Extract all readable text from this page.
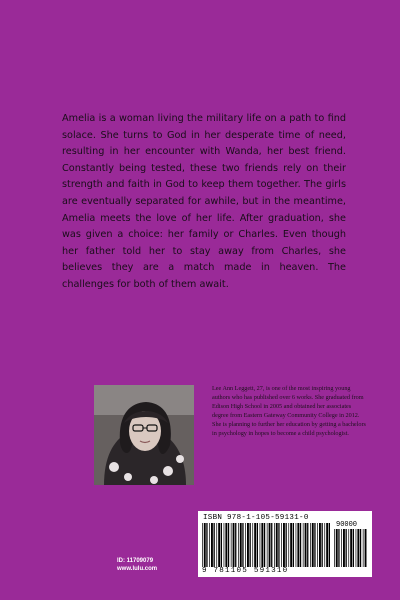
Amelia is a woman living the military life on a path to find solace. She turns to God in her desperate time of need, resulting in her encounter with Wanda, her best friend. Constantly being tested, these two friends rely on their strength and faith in God to keep them together. The girls are eventually separated for awhile, but in the meantime, Amelia meets the love of her life. After graduation, she was given a choice: her family or Charles. Even though her father told her to stay away from Charles, she believes they are a match made in heaven. The challenges for both of them await.

Lee Ann Leggett, 27, is one of the most inspiring young authors who has published over 6 works. She graduated from Edison High School in 2005 and obtained her associates degree from Eastern Gateway Community College in 2012. She is planning to further her education by getting a bachelors in psychology in hopes to become a child psychologist.

ISBN 978-1-105-59131-0
90000
9 781105 591310

ID: 11709079
www.lulu.com
